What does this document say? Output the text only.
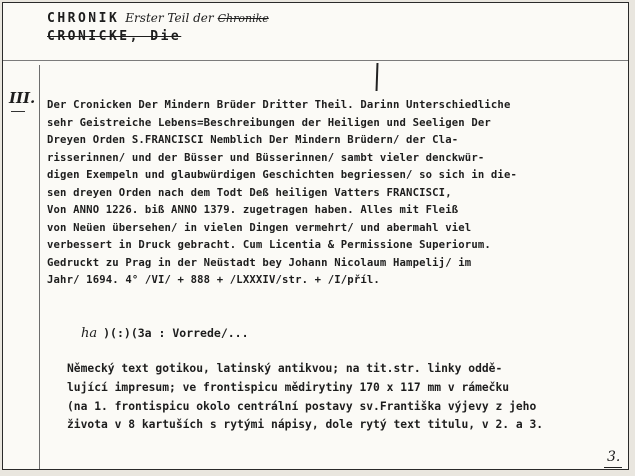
CHRONIK Erster Teil der Chronike
CRONICKE, Die
III. Der Cronicken Der Mindern Brüder Dritter Theil. Darinn Unterschiedliche
sehr Geistreiche Lebens=Beschreibungen der Heiligen und Seeligen Der
Dreyen Orden S.FRANCISCI Nemblich Der Mindern Brüdern/ der Cla-
risserinnen/ und der Büsser und Büsserinnen/ sambt vieler denckwür-
digen Exempeln und glaubwürdigen Geschichten begriessen/ so sich in die-
sen dreyen Orden nach dem Todt Deß heiligen Vatters FRANCISCI,
Von ANNO 1226. biß ANNO 1379. zugetragen haben. Alles mit Fleiß
von Neüen übersehen/ in vielen Dingen vermehrt/ und abermahl viel
verbessert in Druck gebracht. Cum Licentia & Permissione Superiorum.
Gedruckt zu Prag in der Neüstadt bey Johann Nicolaum Hampelij/ im
Jahr/ 1694. 4° /VI/ + 888 + /LXXXIV/str. + /I/příl.
ha )(:)(3a : Vorrede/...
Německý text gotikou, latinský antikvou; na tit.str. linky oddě-
lující impresum; ve frontispicu mědirytiny 170 x 117 mm v rámečku
(na 1. frontispicu okolo centrální postavy sv.Františka výjevy z jeho
života v 8 kartuších s rytými nápisy, dole rytý text titulu, v 2. a 3.
3.
